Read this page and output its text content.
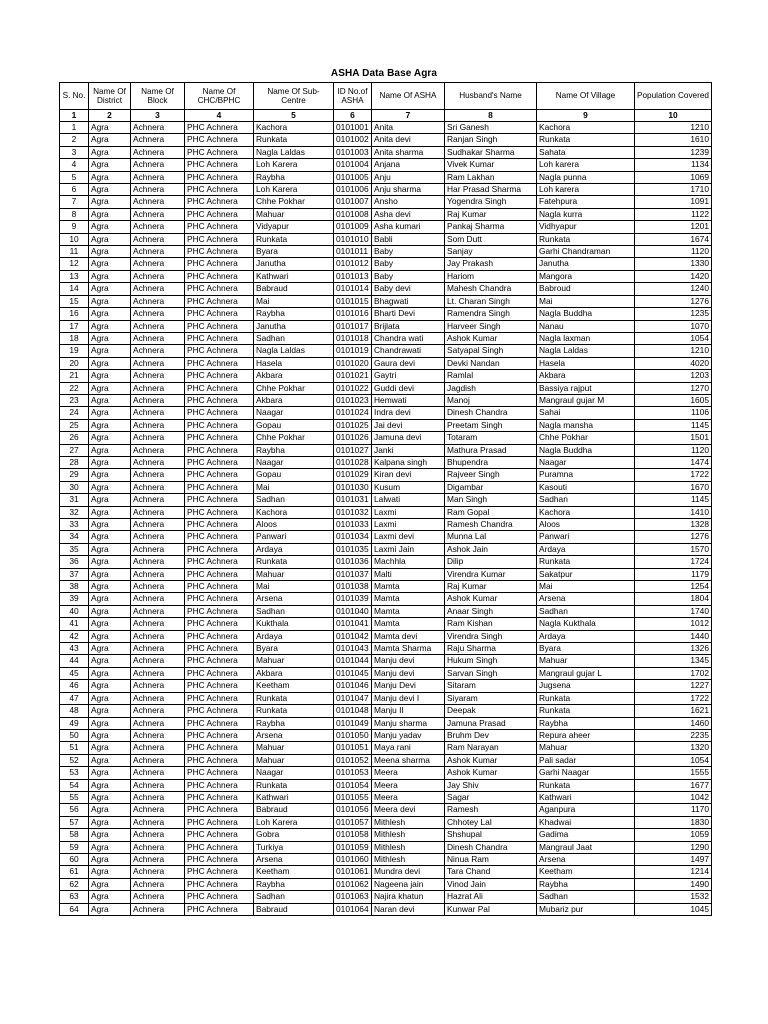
ASHA Data Base Agra
S. No.	Name Of District	Name Of Block	Name Of CHC/BPHC	Name Of Sub-Centre	ID No.of ASHA	Name Of ASHA	Husband's Name	Name Of Village	Population Covered
1	2	3	4	5	6	7	8	9	10
1	Agra	Achnera	PHC Achnera	Kachora	0101001	Anita	Sri Ganesh	Kachora	1210
2	Agra	Achnera	PHC Achnera	Runkata	0101002	Anita devi	Ranjan Singh	Runkata	1610
3	Agra	Achnera	PHC Achnera	Nagla Laldas	0101003	Anita sharma	Sudhakar Sharma	Sahata	1239
4	Agra	Achnera	PHC Achnera	Loh Karera	0101004	Anjana	Vivek Kumar	Loh karera	1134
5	Agra	Achnera	PHC Achnera	Raybha	0101005	Anju	Ram Lakhan	Nagla punna	1069
6	Agra	Achnera	PHC Achnera	Loh Karera	0101006	Anju sharma	Har Prasad Sharma	Loh karera	1710
7	Agra	Achnera	PHC Achnera	Chhe Pokhar	0101007	Ansho	Yogendra Singh	Fatehpura	1091
8	Agra	Achnera	PHC Achnera	Mahuar	0101008	Asha devi	Raj Kumar	Nagla kurra	1122
9	Agra	Achnera	PHC Achnera	Vidyapur	0101009	Asha kumari	Pankaj Sharma	Vidhyapur	1201
10	Agra	Achnera	PHC Achnera	Runkata	0101010	Babli	Som Dutt	Runkata	1674
11	Agra	Achnera	PHC Achnera	Byara	0101011	Baby	Sanjay	Garhi Chandraman	1120
12	Agra	Achnera	PHC Achnera	Janutha	0101012	Baby	Jay Prakash	Janutha	1330
13	Agra	Achnera	PHC Achnera	Kathwari	0101013	Baby	Hariom	Mangora	1420
14	Agra	Achnera	PHC Achnera	Babraud	0101014	Baby devi	Mahesh Chandra	Babroud	1240
15	Agra	Achnera	PHC Achnera	Mai	0101015	Bhagwati	Lt. Charan Singh	Mai	1276
16	Agra	Achnera	PHC Achnera	Raybha	0101016	Bharti Devi	Ramendra Singh	Nagla Buddha	1235
17	Agra	Achnera	PHC Achnera	Janutha	0101017	Brijlata	Harveer Singh	Nanau	1070
18	Agra	Achnera	PHC Achnera	Sadhan	0101018	Chandra wati	Ashok Kumar	Nagla laxman	1054
19	Agra	Achnera	PHC Achnera	Nagla Laldas	0101019	Chandrawati	Satyapal Singh	Nagla Laldas	1210
20	Agra	Achnera	PHC Achnera	Hasela	0101020	Gaura devi	Devki Nandan	Hasela	4020
21	Agra	Achnera	PHC Achnera	Akbara	0101021	Gaytri	Ramlal	Akbara	1203
22	Agra	Achnera	PHC Achnera	Chhe Pokhar	0101022	Guddi devi	Jagdish	Bassiya rajput	1270
23	Agra	Achnera	PHC Achnera	Akbara	0101023	Hemwati	Manoj	Mangraul gujar M	1605
24	Agra	Achnera	PHC Achnera	Naagar	0101024	Indra devi	Dinesh Chandra	Sahai	1106
25	Agra	Achnera	PHC Achnera	Gopau	0101025	Jai devi	Preetam Singh	Nagla mansha	1145
26	Agra	Achnera	PHC Achnera	Chhe Pokhar	0101026	Jamuna devi	Totaram	Chhe Pokhar	1501
27	Agra	Achnera	PHC Achnera	Raybha	0101027	Janki	Mathura Prasad	Nagla Buddha	1120
28	Agra	Achnera	PHC Achnera	Naagar	0101028	Kalpana singh	Bhupendra	Naagar	1474
29	Agra	Achnera	PHC Achnera	Gopau	0101029	Kiran devi	Rajveer Singh	Puramna	1722
30	Agra	Achnera	PHC Achnera	Mai	0101030	Kusum	Digambar	Kasouti	1670
31	Agra	Achnera	PHC Achnera	Sadhan	0101031	Lalwati	Man Singh	Sadhan	1145
32	Agra	Achnera	PHC Achnera	Kachora	0101032	Laxmi	Ram Gopal	Kachora	1410
33	Agra	Achnera	PHC Achnera	Aloos	0101033	Laxmi	Ramesh Chandra	Aloos	1328
34	Agra	Achnera	PHC Achnera	Panwari	0101034	Laxmi devi	Munna Lal	Panwari	1276
35	Agra	Achnera	PHC Achnera	Ardaya	0101035	Laxmi Jain	Ashok Jain	Ardaya	1570
36	Agra	Achnera	PHC Achnera	Runkata	0101036	Machhla	Dilip	Runkata	1724
37	Agra	Achnera	PHC Achnera	Mahuar	0101037	Malti	Virendra Kumar	Sakatpur	1179
38	Agra	Achnera	PHC Achnera	Mai	0101038	Mamta	Raj Kumar	Mai	1254
39	Agra	Achnera	PHC Achnera	Arsena	0101039	Mamta	Ashok Kumar	Arsena	1804
40	Agra	Achnera	PHC Achnera	Sadhan	0101040	Mamta	Anaar Singh	Sadhan	1740
41	Agra	Achnera	PHC Achnera	Kukthala	0101041	Mamta	Ram Kishan	Nagla Kukthala	1012
42	Agra	Achnera	PHC Achnera	Ardaya	0101042	Mamta devi	Virendra Singh	Ardaya	1440
43	Agra	Achnera	PHC Achnera	Byara	0101043	Mamta Sharma	Raju Sharma	Byara	1326
44	Agra	Achnera	PHC Achnera	Mahuar	0101044	Manju devi	Hukum Singh	Mahuar	1345
45	Agra	Achnera	PHC Achnera	Akbara	0101045	Manju devi	Sarvan Singh	Mangraul gujar L	1702
46	Agra	Achnera	PHC Achnera	Keetham	0101046	Manju Devi	Sitaram	Jugsena	1227
47	Agra	Achnera	PHC Achnera	Runkata	0101047	Manju devi I	Siyaram	Runkata	1722
48	Agra	Achnera	PHC Achnera	Runkata	0101048	Manju II	Deepak	Runkata	1621
49	Agra	Achnera	PHC Achnera	Raybha	0101049	Manju sharma	Jamuna Prasad	Raybha	1460
50	Agra	Achnera	PHC Achnera	Arsena	0101050	Manju yadav	Bruhm Dev	Repura aheer	2235
51	Agra	Achnera	PHC Achnera	Mahuar	0101051	Maya rani	Ram Narayan	Mahuar	1320
52	Agra	Achnera	PHC Achnera	Mahuar	0101052	Meena sharma	Ashok Kumar	Pali sadar	1054
53	Agra	Achnera	PHC Achnera	Naagar	0101053	Meera	Ashok Kumar	Garhi Naagar	1555
54	Agra	Achnera	PHC Achnera	Runkata	0101054	Meera	Jay Shiv	Runkata	1677
55	Agra	Achnera	PHC Achnera	Kathwari	0101055	Meera	Sagar	Kathwari	1042
56	Agra	Achnera	PHC Achnera	Babraud	0101056	Meera devi	Ramesh	Aganpura	1170
57	Agra	Achnera	PHC Achnera	Loh Karera	0101057	Mithlesh	Chhotey Lal	Khadwai	1830
58	Agra	Achnera	PHC Achnera	Gobra	0101058	Mithlesh	Shshupal	Gadima	1059
59	Agra	Achnera	PHC Achnera	Turkiya	0101059	Mithlesh	Dinesh Chandra	Mangraul Jaat	1290
60	Agra	Achnera	PHC Achnera	Arsena	0101060	Mithlesh	Ninua Ram	Arsena	1497
61	Agra	Achnera	PHC Achnera	Keetham	0101061	Mundra devi	Tara Chand	Keetham	1214
62	Agra	Achnera	PHC Achnera	Raybha	0101062	Nageena jain	Vinod Jain	Raybha	1490
63	Agra	Achnera	PHC Achnera	Sadhan	0101063	Najira khatun	Hazrat Ali	Sadhan	1532
64	Agra	Achnera	PHC Achnera	Babraud	0101064	Naran devi	Kunwar Pal	Mubariz pur	1045
